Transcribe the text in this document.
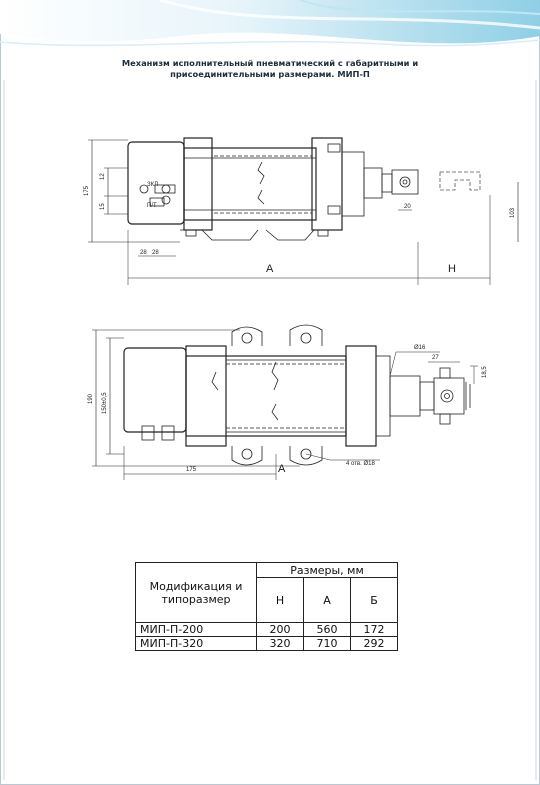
Механизм исполнительный пневматический с габаритными и
присоединительными размерами. МИП-П
ЗКЛ
П/Т
A	H
175
12
15	20
28 28
103
Ø16
27
18,5
190 150±0,5
175
4 отв. Ø18
A
Модификация и типоразмер	Размеры, мм		
	Н	А	Б
МИП-П-200	200	560	172
МИП-П-320	320	710	292
